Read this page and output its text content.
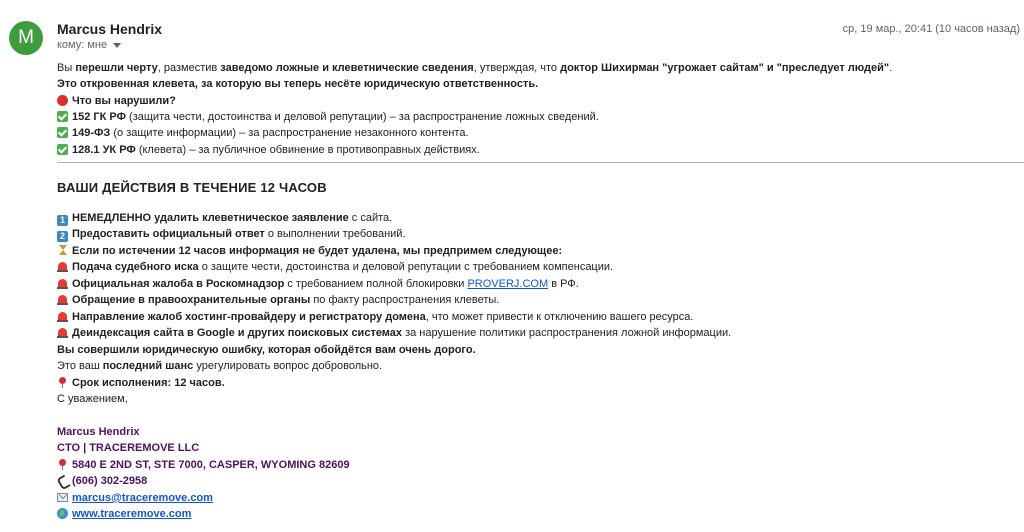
M	Marcus Hendrix
кому: мне
ср, 19 мар., 20:41 (10 часов назад)
Вы перешли черту, разместив заведомо ложные и клеветнические сведения, утверждая, что доктор Шихирман "угрожает сайтам" и "преследует людей".
Это откровенная клевета, за которую вы теперь несёте юридическую ответственность.
Что вы нарушили?
152 ГК РФ (защита чести, достоинства и деловой репутации) – за распространение ложных сведений.
149-ФЗ (о защите информации) – за распространение незаконного контента.
128.1 УК РФ (клевета) – за публичное обвинение в противоправных действиях.
ВАШИ ДЕЙСТВИЯ В ТЕЧЕНИЕ 12 ЧАСОВ
1 НЕМЕДЛЕННО удалить клеветническое заявление с сайта.
2 Предоставить официальный ответ о выполнении требований.
Если по истечении 12 часов информация не будет удалена, мы предпримем следующее:
Подача судебного иска о защите чести, достоинства и деловой репутации с требованием компенсации.
Официальная жалоба в Роскомнадзор с требованием полной блокировки PROVERJ.COM в РФ.
Обращение в правоохранительные органы по факту распространения клеветы.
Направление жалоб хостинг-провайдеру и регистратору домена, что может привести к отключению вашего ресурса.
Деиндексация сайта в Google и других поисковых системах за нарушение политики распространения ложной информации.
Вы совершили юридическую ошибку, которая обойдётся вам очень дорого.
Это ваш последний шанс урегулировать вопрос добровольно.
Срок исполнения: 12 часов.
С уважением,
Marcus Hendrix
CTO | TRACEREMOVE LLC
5840 E 2ND ST, STE 7000, CASPER, WYOMING 82609
(606) 302-2958
marcus@traceremove.com
www.traceremove.com
